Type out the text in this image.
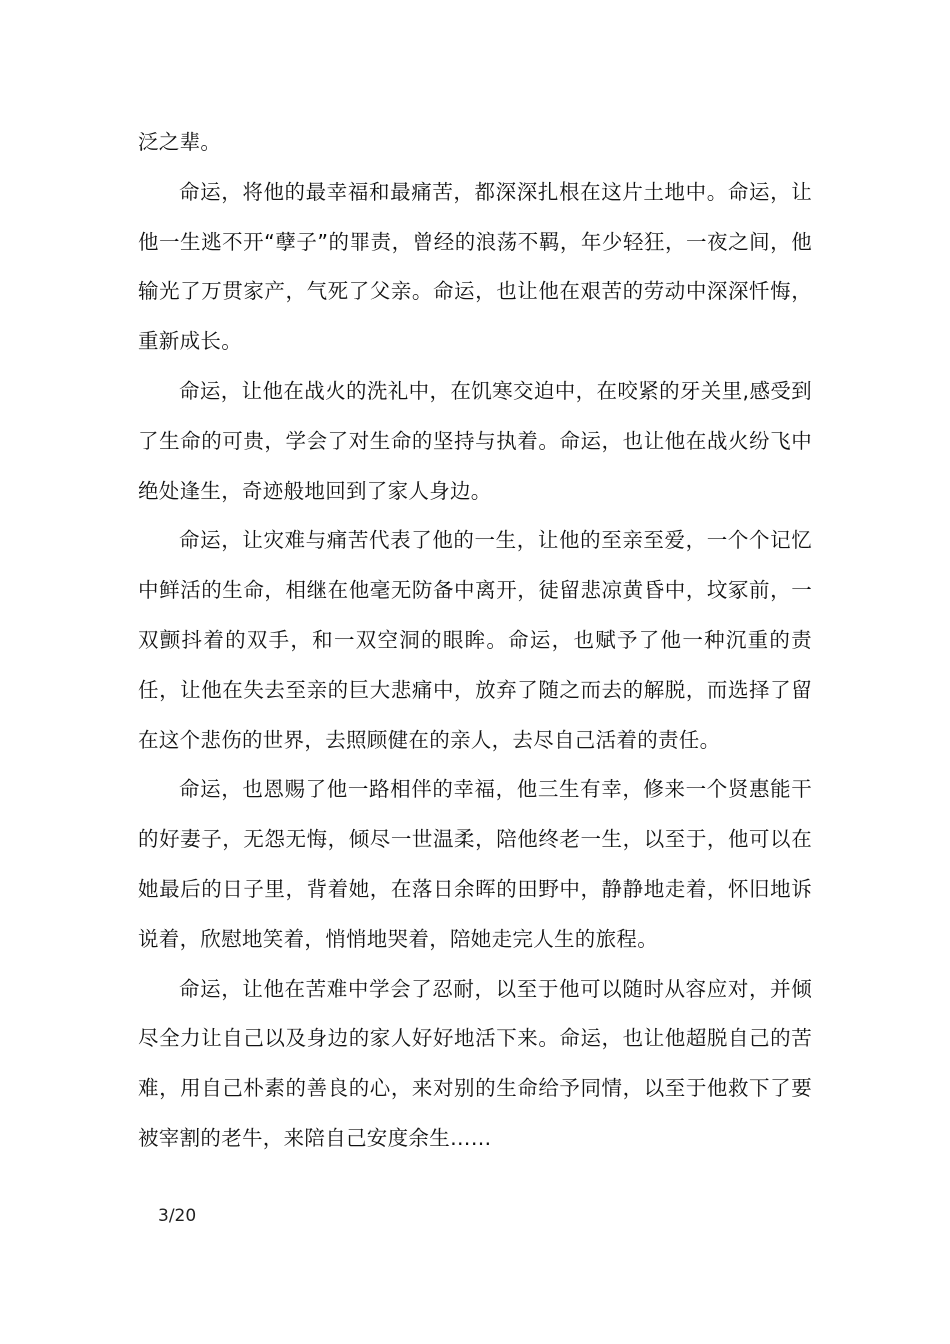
泛之辈。

命运，将他的最幸福和最痛苦，都深深扎根在这片土地中。命运，让他一生逃不开“孽子”的罪责，曾经的浪荡不羁，年少轻狂，一夜之间，他输光了万贯家产，气死了父亲。命运，也让他在艰苦的劳动中深深忏悔，重新成长。

命运，让他在战火的洗礼中，在饥寒交迫中，在咬紧的牙关里,感受到了生命的可贵，学会了对生命的坚持与执着。命运，也让他在战火纷飞中绝处逢生，奇迹般地回到了家人身边。

命运，让灾难与痛苦代表了他的一生，让他的至亲至爱，一个个记忆中鲜活的生命，相继在他毫无防备中离开，徒留悲凉黄昏中，坟冢前，一双颤抖着的双手，和一双空洞的眼眸。命运，也赋予了他一种沉重的责任，让他在失去至亲的巨大悲痛中，放弃了随之而去的解脱，而选择了留在这个悲伤的世界，去照顾健在的亲人，去尽自己活着的责任。

命运，也恩赐了他一路相伴的幸福，他三生有幸，修来一个贤惠能干的好妻子，无怨无悔，倾尽一世温柔，陪他终老一生，以至于，他可以在她最后的日子里，背着她，在落日余晖的田野中，静静地走着，怀旧地诉说着，欣慰地笑着，悄悄地哭着，陪她走完人生的旅程。

命运，让他在苦难中学会了忍耐，以至于他可以随时从容应对，并倾尽全力让自己以及身边的家人好好地活下来。命运，也让他超脱自己的苦难，用自己朴素的善良的心，来对别的生命给予同情，以至于他救下了要被宰割的老牛，来陪自己安度余生……

3/20
